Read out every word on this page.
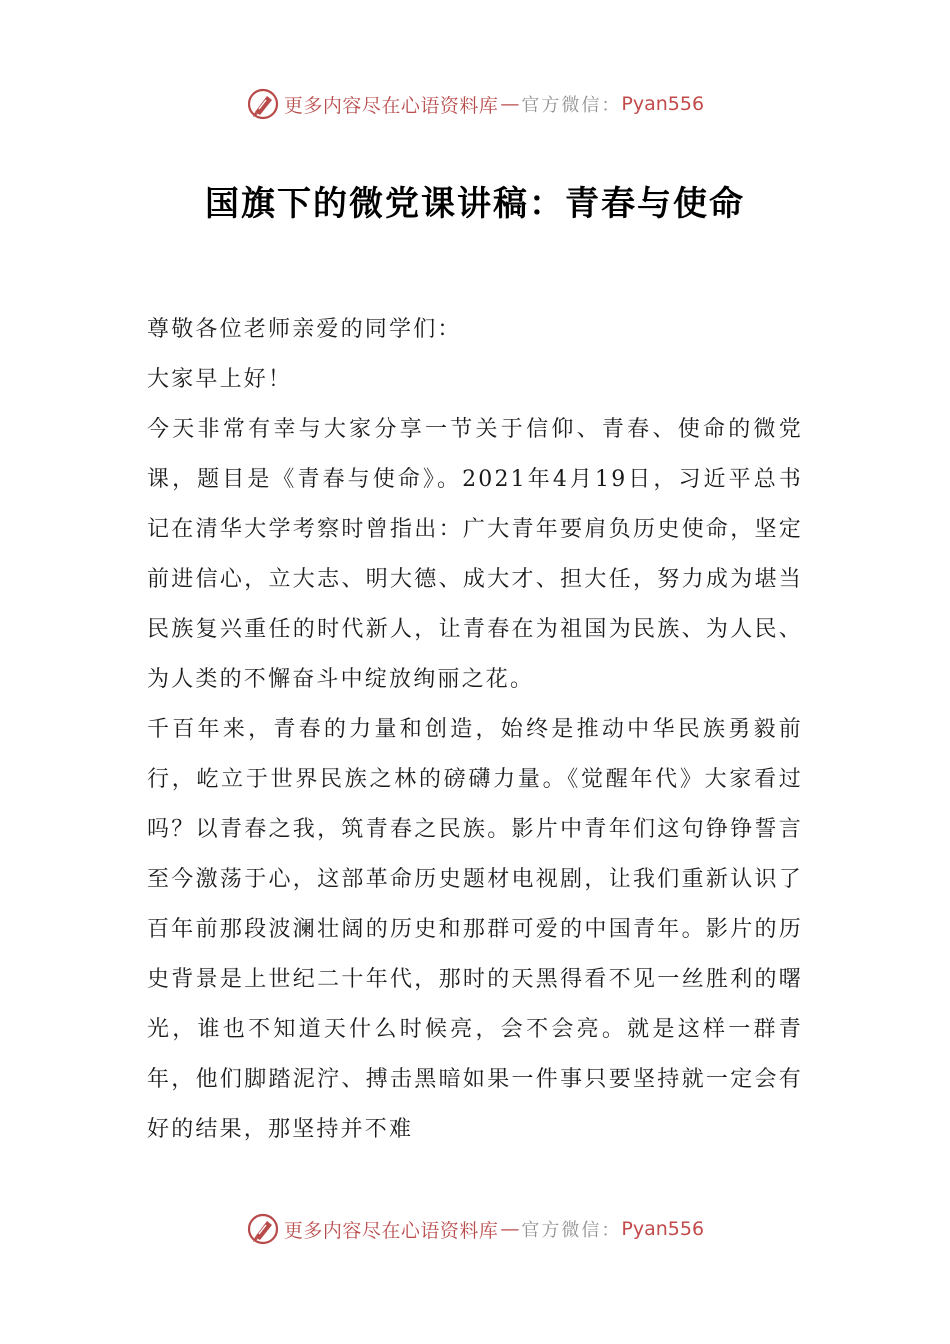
更多内容尽在心语资料库 — 官方微信： Pyan556
国旗下的微党课讲稿：青春与使命

尊敬各位老师亲爱的同学们：

大家早上好！

今天非常有幸与大家分享一节关于信仰、青春、使命的微党课，题目是《青春与使命》。2021年4月19日，习近平总书记在清华大学考察时曾指出：广大青年要肩负历史使命，坚定前进信心，立大志、明大德、成大才、担大任，努力成为堪当民族复兴重任的时代新人，让青春在为祖国为民族、为人民、为人类的不懈奋斗中绽放绚丽之花。

千百年来，青春的力量和创造，始终是推动中华民族勇毅前行，屹立于世界民族之林的磅礴力量。《觉醒年代》大家看过吗？以青春之我，筑青春之民族。影片中青年们这句铮铮誓言至今激荡于心，这部革命历史题材电视剧，让我们重新认识了百年前那段波澜壮阔的历史和那群可爱的中国青年。影片的历史背景是上世纪二十年代，那时的天黑得看不见一丝胜利的曙光，谁也不知道天什么时候亮，会不会亮。就是这样一群青年，他们脚踏泥泞、搏击黑暗如果一件事只要坚持就一定会有好的结果，那坚持并不难

更多内容尽在心语资料库 — 官方微信： Pyan556
